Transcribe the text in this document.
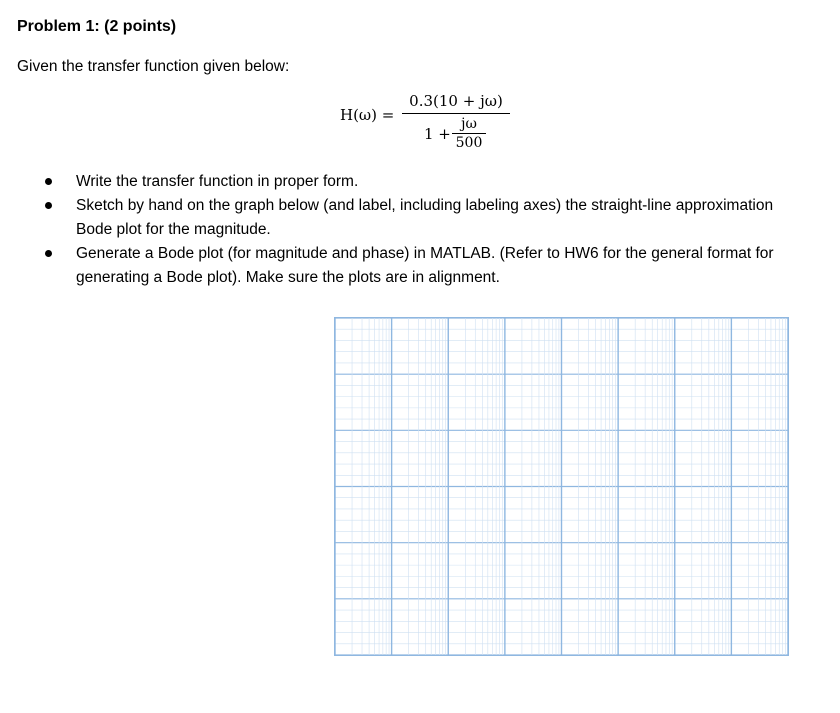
Problem 1: (2 points)
Given the transfer function given below:
H(ω) =
0.3(10 + jω)
1 +
jω
500
Write the transfer function in proper form.
Sketch by hand on the graph below (and label, including labeling axes) the straight-line approximation Bode plot for the magnitude.
Generate a Bode plot (for magnitude and phase) in MATLAB. (Refer to HW6 for the general format for generating a Bode plot). Make sure the plots are in alignment.
